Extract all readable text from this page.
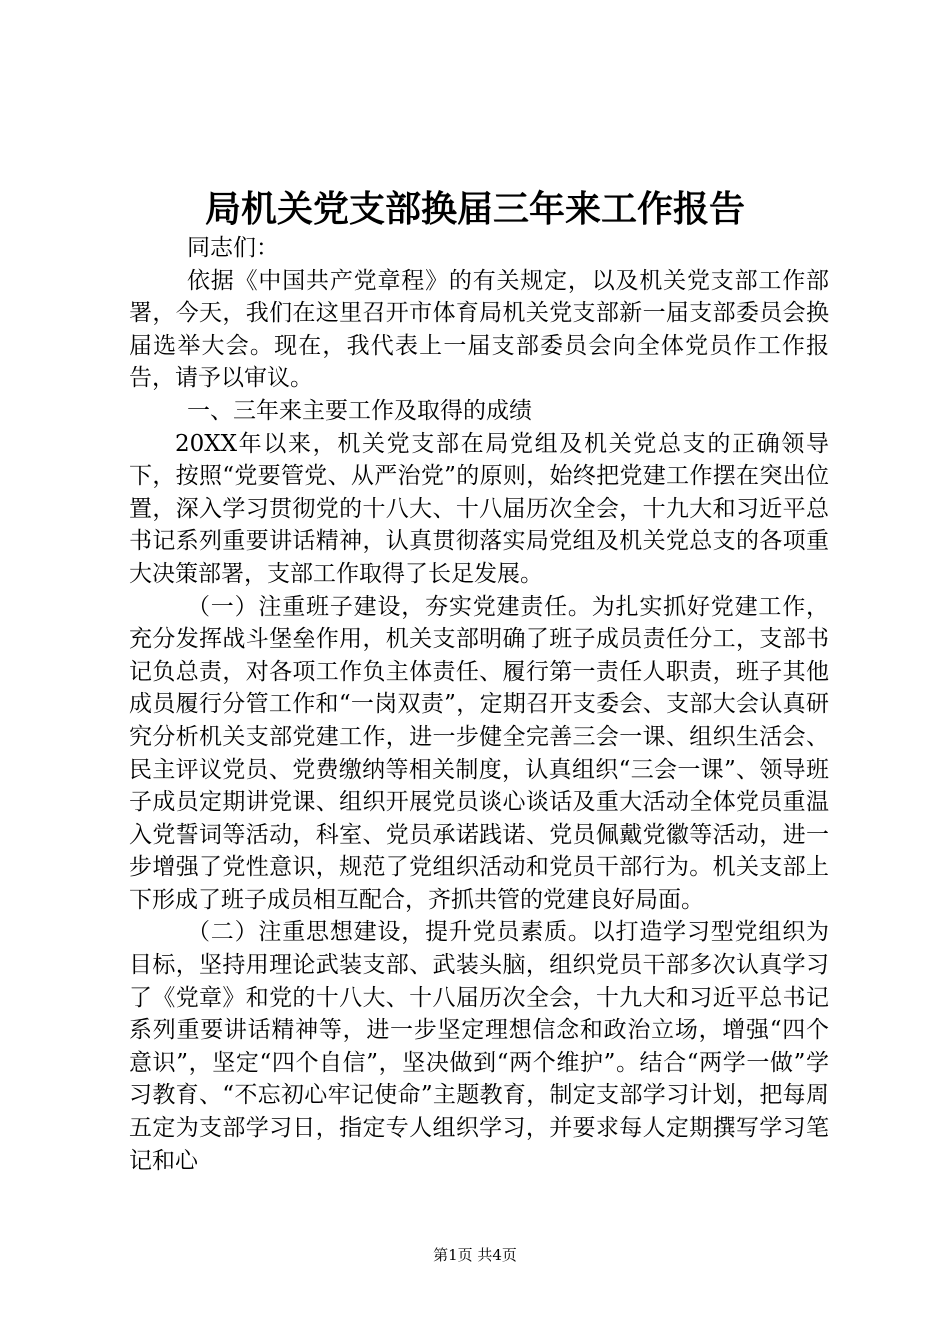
局机关党支部换届三年来工作报告

同志们：

依据《中国共产党章程》的有关规定，以及机关党支部工作部署，今天，我们在这里召开市体育局机关党支部新一届支部委员会换届选举大会。现在，我代表上一届支部委员会向全体党员作工作报告，请予以审议。

一、三年来主要工作及取得的成绩

20XX年以来，机关党支部在局党组及机关党总支的正确领导下，按照“党要管党、从严治党”的原则，始终把党建工作摆在突出位置，深入学习贯彻党的十八大、十八届历次全会，十九大和习近平总书记系列重要讲话精神，认真贯彻落实局党组及机关党总支的各项重大决策部署，支部工作取得了长足发展。

（一）注重班子建设，夯实党建责任。为扎实抓好党建工作，充分发挥战斗堡垒作用，机关支部明确了班子成员责任分工，支部书记负总责，对各项工作负主体责任、履行第一责任人职责，班子其他成员履行分管工作和“一岗双责”，定期召开支委会、支部大会认真研究分析机关支部党建工作，进一步健全完善三会一课、组织生活会、民主评议党员、党费缴纳等相关制度，认真组织“三会一课”、领导班子成员定期讲党课、组织开展党员谈心谈话及重大活动全体党员重温入党誓词等活动，科室、党员承诺践诺、党员佩戴党徽等活动，进一步增强了党性意识，规范了党组织活动和党员干部行为。机关支部上下形成了班子成员相互配合，齐抓共管的党建良好局面。

（二）注重思想建设，提升党员素质。以打造学习型党组织为目标，坚持用理论武装支部、武装头脑，组织党员干部多次认真学习了《党章》和党的十八大、十八届历次全会，十九大和习近平总书记系列重要讲话精神等，进一步坚定理想信念和政治立场，增强“四个意识”，坚定“四个自信”，坚决做到“两个维护”。结合“两学一做”学习教育、“不忘初心牢记使命”主题教育，制定支部学习计划，把每周五定为支部学习日，指定专人组织学习，并要求每人定期撰写学习笔记和心

第1页 共4页
